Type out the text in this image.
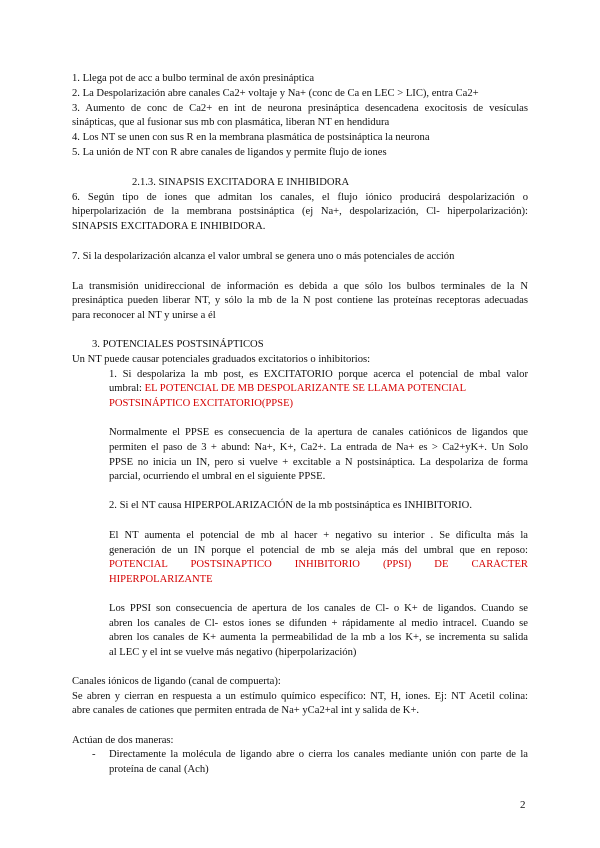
1. Llega pot de acc a bulbo terminal de axón presináptica
2. La Despolarización abre canales Ca2+ voltaje y Na+ (conc de Ca en LEC > LIC), entra Ca2+
3. Aumento de conc de Ca2+ en int de neurona presináptica desencadena exocitosis de vesículas
sinápticas, que al fusionar sus mb con plasmática, liberan NT en hendidura
4. Los NT se unen con sus R en la membrana plasmática de postsináptica la neurona
5. La unión de NT con R abre canales de ligandos y permite flujo de iones
2.1.3. SINAPSIS EXCITADORA E INHIBIDORA
6. Según tipo de iones que admitan los canales, el flujo iónico producirá despolarización o
hiperpolarización de la membrana postsináptica (ej Na+, despolarización, Cl- hiperpolarización):
SINAPSIS EXCITADORA E INHIBIDORA.
7. Si la despolarización alcanza el valor umbral se genera uno o más potenciales de acción
La transmisión unidireccional de información es debida a que sólo los bulbos terminales de la N
presináptica pueden liberar NT, y sólo la mb de la N post contiene las proteínas receptoras adecuadas
para reconocer al NT y unirse a él
3. POTENCIALES POSTSINÁPTICOS
Un NT puede causar potenciales graduados excitatorios o inhibitorios:
1. Si despolariza la mb post, es EXCITATORIO porque acerca el potencial de mbal valor
umbral: EL POTENCIAL DE MB DESPOLARIZANTE SE LLAMA POTENCIAL
POSTSINÁPTICO EXCITATORIO(PPSE)
Normalmente el PPSE es consecuencia de la apertura de canales catiónicos de ligandos que
permiten el paso de 3 + abund: Na+, K+, Ca2+. La entrada de Na+ es > Ca2+yK+. Un Solo
PPSE no inicia un IN, pero si vuelve + excitable a N postsináptica. La despolariza de forma
parcial, ocurriendo el umbral en el siguiente PPSE.
2. Si el NT causa HIPERPOLARIZACIÓN de la mb postsináptica es INHIBITORIO.
El NT aumenta el potencial de mb al hacer + negativo su interior . Se dificulta más la
generación de un IN porque el potencial de mb se aleja más del umbral que en reposo:
POTENCIAL POSTSINAPTICO INHIBITORIO (PPSI) DE CARÁCTER
HIPERPOLARIZANTE
Los PPSI son consecuencia de apertura de los canales de Cl- o K+ de ligandos. Cuando se
abren los canales de Cl- estos iones se difunden + rápidamente al medio intracel. Cuando se
abren los canales de K+ aumenta la permeabilidad de la mb a los K+, se incrementa su salida
al LEC y el int se vuelve más negativo (hiperpolarización)
Canales iónicos de ligando (canal de compuerta):
Se abren y cierran en respuesta a un estímulo químico específico: NT, H, iones. Ej: NT Acetil colina:
abre canales de cationes que permiten entrada de Na+ yCa2+al int y salida de K+.
Actúan de dos maneras:
- Directamente la molécula de ligando abre o cierra los canales mediante unión con parte de la
proteína de canal (Ach)
2
